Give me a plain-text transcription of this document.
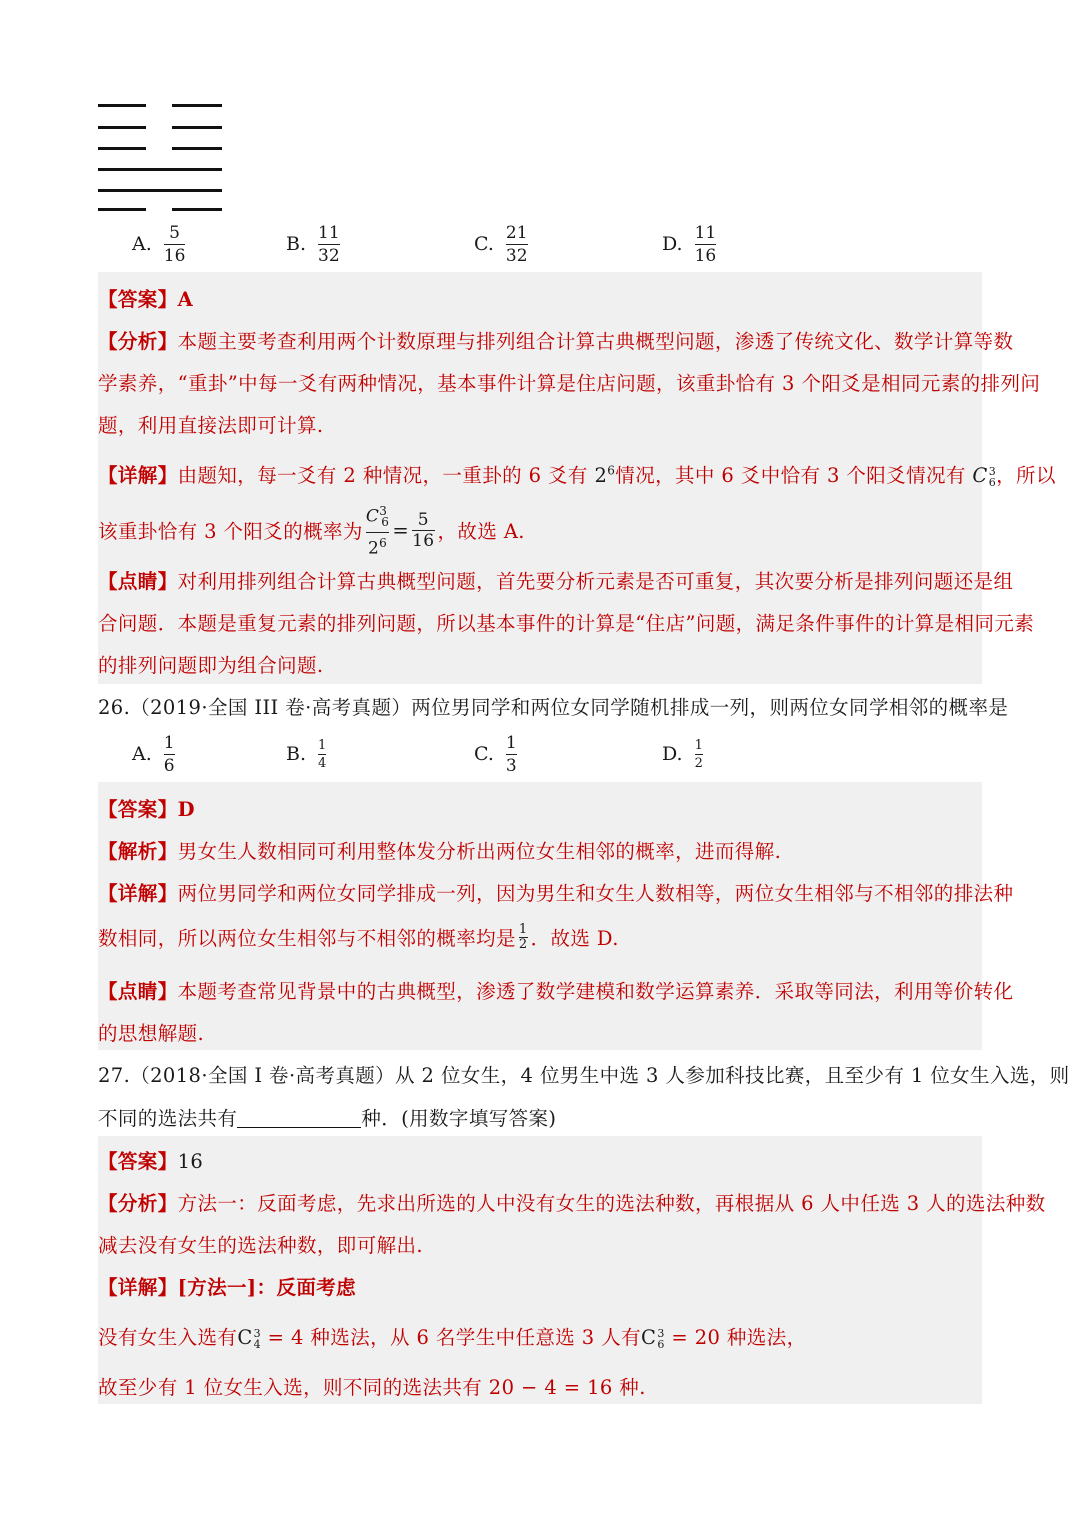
A. $\frac{5}{16}$	B. $\frac{11}{32}$	C. $\frac{21}{32}$	D. $\frac{11}{16}$
【答案】A
【分析】本题主要考查利用两个计数原理与排列组合计算古典概型问题，渗透了传统文化、数学计算等数
学素养，“重卦”中每一爻有两种情况，基本事件计算是住店问题，该重卦恰有 3 个阳爻是相同元素的排列问
题，利用直接法即可计算.
【详解】由题知，每一爻有 2 种情况，一重卦的 6 爻有 $2^6$情况，其中 6 爻中恰有 3 个阳爻情况有 C 3
6 ，所以
该重卦恰有 3 个阳爻的概率为 $\frac{C^3_6}{2^6} = \frac{5}{16}$ ，故选 A.
【点睛】对利用排列组合计算古典概型问题，首先要分析元素是否可重复，其次要分析是排列问题还是组
合问题．本题是重复元素的排列问题，所以基本事件的计算是“住店”问题，满足条件事件的计算是相同元素
的排列问题即为组合问题.
26.（2019·全国 III 卷·高考真题）两位男同学和两位女同学随机排成一列，则两位女同学相邻的概率是
A. $\frac{1}{6}$	B. $\frac{1}{4}$	C. $\frac{1}{3}$	D. $\frac{1}{2}$
【答案】D
【解析】男女生人数相同可利用整体发分析出两位女生相邻的概率，进而得解.
【详解】两位男同学和两位女同学排成一列，因为男生和女生人数相等，两位女生相邻与不相邻的排法种
数相同，所以两位女生相邻与不相邻的概率均是 $\frac{1}{2}$ ．故选 D.
【点睛】本题考查常见背景中的古典概型，渗透了数学建模和数学运算素养．采取等同法，利用等价转化
的思想解题.
27.（2018·全国 I 卷·高考真题）从 2 位女生，4 位男生中选 3 人参加科技比赛，且至少有 1 位女生入选，则
不同的选法共有	种．(用数字填写答案)
【答案】16
【分析】方法一：反面考虑，先求出所选的人中没有女生的选法种数，再根据从 6 人中任选 3 人的选法种数
减去没有女生的选法种数，即可解出.
【详解】[方法一]：反面考虑
没有女生入选有C 3
4 = 4 种选法，从 6 名学生中任意选 3 人有C 3
6 = 20 种选法，
故至少有 1 位女生入选，则不同的选法共有 20 − 4 = 16 种.
